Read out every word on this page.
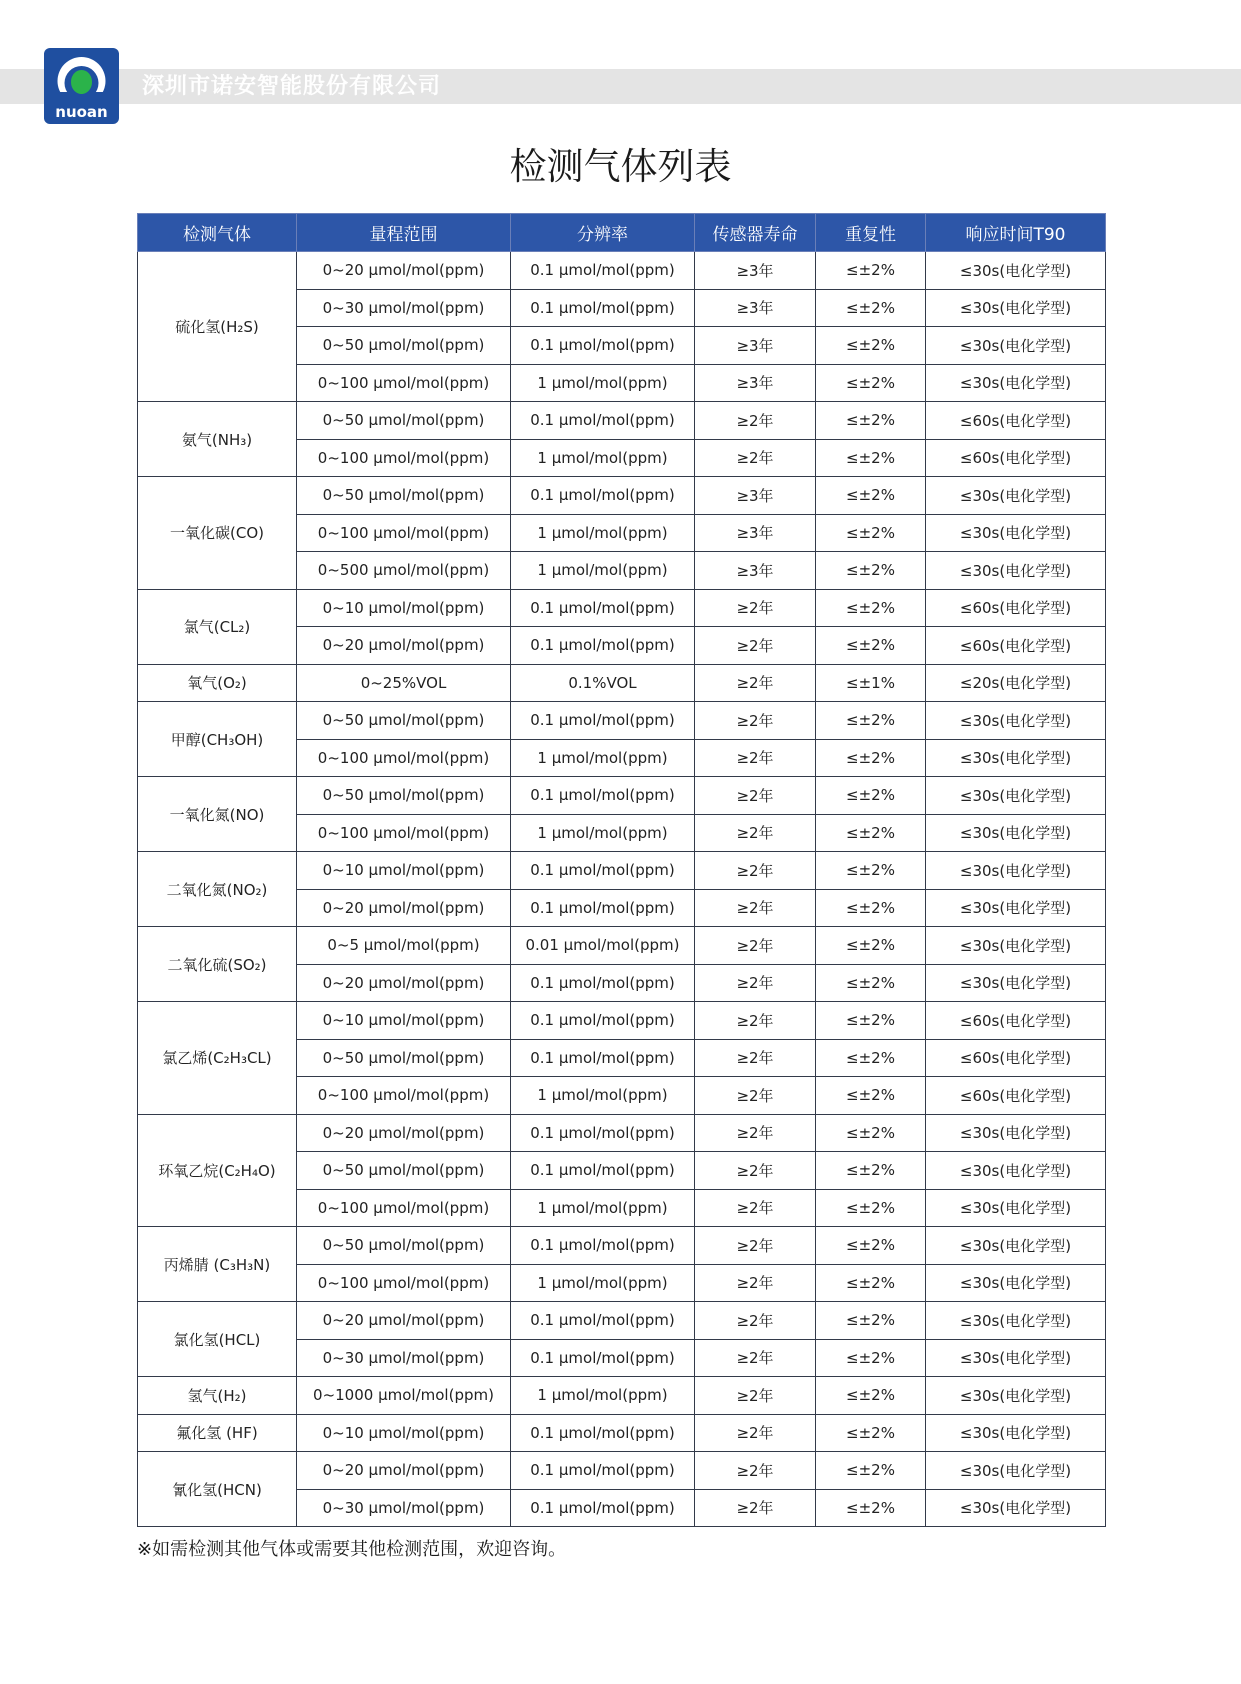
nuoan
深圳市诺安智能股份有限公司
检测气体列表
检测气体	量程范围	分辨率	传感器寿命	重复性	响应时间T90
硫化氢(H₂S)	0~20 μmol/mol(ppm)	0.1 μmol/mol(ppm)	≥3年	≤±2%	≤30s(电化学型)
	0~30 μmol/mol(ppm)	0.1 μmol/mol(ppm)	≥3年	≤±2%	≤30s(电化学型)
	0~50 μmol/mol(ppm)	0.1 μmol/mol(ppm)	≥3年	≤±2%	≤30s(电化学型)
	0~100 μmol/mol(ppm)	1 μmol/mol(ppm)	≥3年	≤±2%	≤30s(电化学型)
氨气(NH₃)	0~50 μmol/mol(ppm)	0.1 μmol/mol(ppm)	≥2年	≤±2%	≤60s(电化学型)
	0~100 μmol/mol(ppm)	1 μmol/mol(ppm)	≥2年	≤±2%	≤60s(电化学型)
一氧化碳(CO)	0~50 μmol/mol(ppm)	0.1 μmol/mol(ppm)	≥3年	≤±2%	≤30s(电化学型)
	0~100 μmol/mol(ppm)	1 μmol/mol(ppm)	≥3年	≤±2%	≤30s(电化学型)
	0~500 μmol/mol(ppm)	1 μmol/mol(ppm)	≥3年	≤±2%	≤30s(电化学型)
氯气(CL₂)	0~10 μmol/mol(ppm)	0.1 μmol/mol(ppm)	≥2年	≤±2%	≤60s(电化学型)
	0~20 μmol/mol(ppm)	0.1 μmol/mol(ppm)	≥2年	≤±2%	≤60s(电化学型)
氧气(O₂)	0~25%VOL	0.1%VOL	≥2年	≤±1%	≤20s(电化学型)
甲醇(CH₃OH)	0~50 μmol/mol(ppm)	0.1 μmol/mol(ppm)	≥2年	≤±2%	≤30s(电化学型)
	0~100 μmol/mol(ppm)	1 μmol/mol(ppm)	≥2年	≤±2%	≤30s(电化学型)
一氧化氮(NO)	0~50 μmol/mol(ppm)	0.1 μmol/mol(ppm)	≥2年	≤±2%	≤30s(电化学型)
	0~100 μmol/mol(ppm)	1 μmol/mol(ppm)	≥2年	≤±2%	≤30s(电化学型)
二氧化氮(NO₂)	0~10 μmol/mol(ppm)	0.1 μmol/mol(ppm)	≥2年	≤±2%	≤30s(电化学型)
	0~20 μmol/mol(ppm)	0.1 μmol/mol(ppm)	≥2年	≤±2%	≤30s(电化学型)
二氧化硫(SO₂)	0~5 μmol/mol(ppm)	0.01 μmol/mol(ppm)	≥2年	≤±2%	≤30s(电化学型)
	0~20 μmol/mol(ppm)	0.1 μmol/mol(ppm)	≥2年	≤±2%	≤30s(电化学型)
氯乙烯(C₂H₃CL)	0~10 μmol/mol(ppm)	0.1 μmol/mol(ppm)	≥2年	≤±2%	≤60s(电化学型)
	0~50 μmol/mol(ppm)	0.1 μmol/mol(ppm)	≥2年	≤±2%	≤60s(电化学型)
	0~100 μmol/mol(ppm)	1 μmol/mol(ppm)	≥2年	≤±2%	≤60s(电化学型)
环氧乙烷(C₂H₄O)	0~20 μmol/mol(ppm)	0.1 μmol/mol(ppm)	≥2年	≤±2%	≤30s(电化学型)
	0~50 μmol/mol(ppm)	0.1 μmol/mol(ppm)	≥2年	≤±2%	≤30s(电化学型)
	0~100 μmol/mol(ppm)	1 μmol/mol(ppm)	≥2年	≤±2%	≤30s(电化学型)
丙烯腈 (C₃H₃N)	0~50 μmol/mol(ppm)	0.1 μmol/mol(ppm)	≥2年	≤±2%	≤30s(电化学型)
	0~100 μmol/mol(ppm)	1 μmol/mol(ppm)	≥2年	≤±2%	≤30s(电化学型)
氯化氢(HCL)	0~20 μmol/mol(ppm)	0.1 μmol/mol(ppm)	≥2年	≤±2%	≤30s(电化学型)
	0~30 μmol/mol(ppm)	0.1 μmol/mol(ppm)	≥2年	≤±2%	≤30s(电化学型)
氢气(H₂)	0~1000 μmol/mol(ppm)	1 μmol/mol(ppm)	≥2年	≤±2%	≤30s(电化学型)
氟化氢 (HF)	0~10 μmol/mol(ppm)	0.1 μmol/mol(ppm)	≥2年	≤±2%	≤30s(电化学型)
氰化氢(HCN)	0~20 μmol/mol(ppm)	0.1 μmol/mol(ppm)	≥2年	≤±2%	≤30s(电化学型)
	0~30 μmol/mol(ppm)	0.1 μmol/mol(ppm)	≥2年	≤±2%	≤30s(电化学型)
※如需检测其他气体或需要其他检测范围，欢迎咨询。
